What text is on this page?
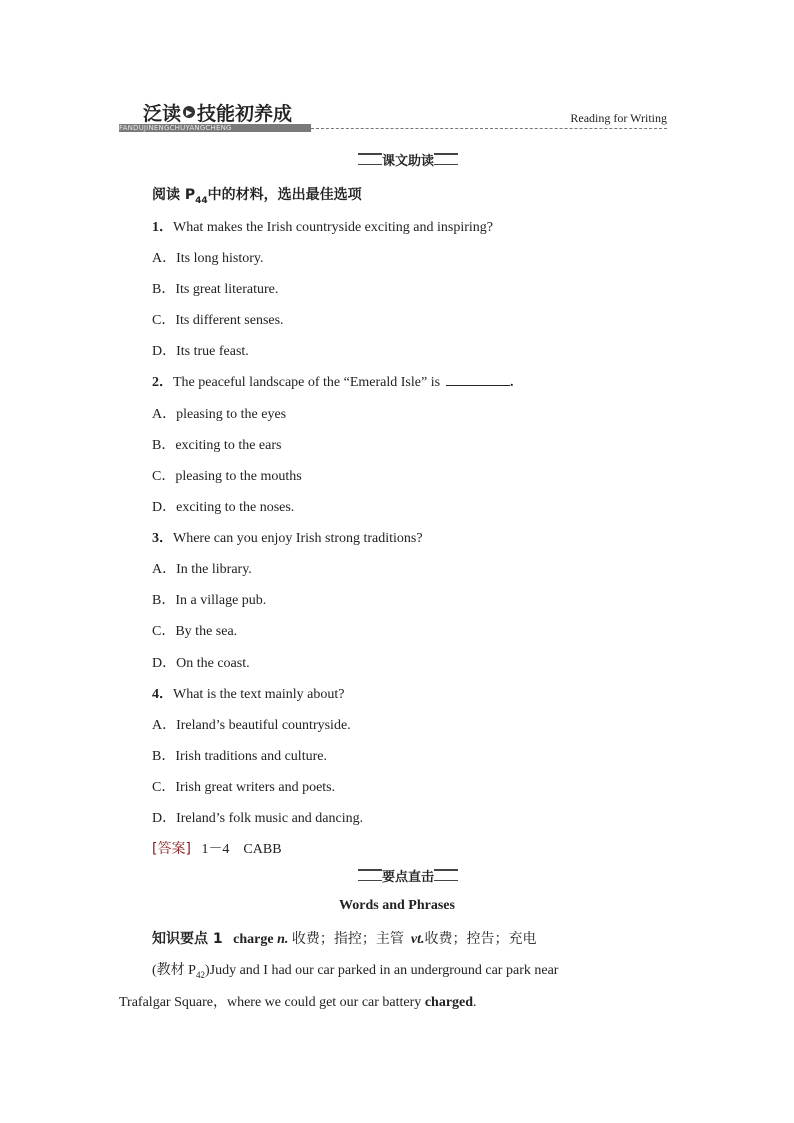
泛读 ▶ 技能初养成
FANDUJINENGCHUYANGCHENG
Reading for Writing
课文助读
阅读 $P_{44}$中的材料，选出最佳选项
1．What makes the Irish countryside exciting and inspiring?
A．Its long history.
B．Its great literature.
C．Its different senses.
D．Its true feast.
2．The peaceful landscape of the “Emerald Isle” is	.
A．pleasing to the eyes
B．exciting to the ears
C．pleasing to the mouths
D．exciting to the noses.
3．Where can you enjoy Irish strong traditions?
A．In the library.
B．In a village pub.
C．By the sea.
D．On the coast.
4．What is the text mainly about?
A．Ireland’s beautiful countryside.
B．Irish traditions and culture.
C．Irish great writers and poets.
D．Ireland’s folk music and dancing.
[答案] 1－4　CABB
要点直击
Words and Phrases
知识要点 1 charge n. 收费；指控；主管 vt.收费；控告；充电
(教材 $P_{42})Judy$ and I had our car parked in an underground car park near
Trafalgar Square，where we could get our car battery charged.
